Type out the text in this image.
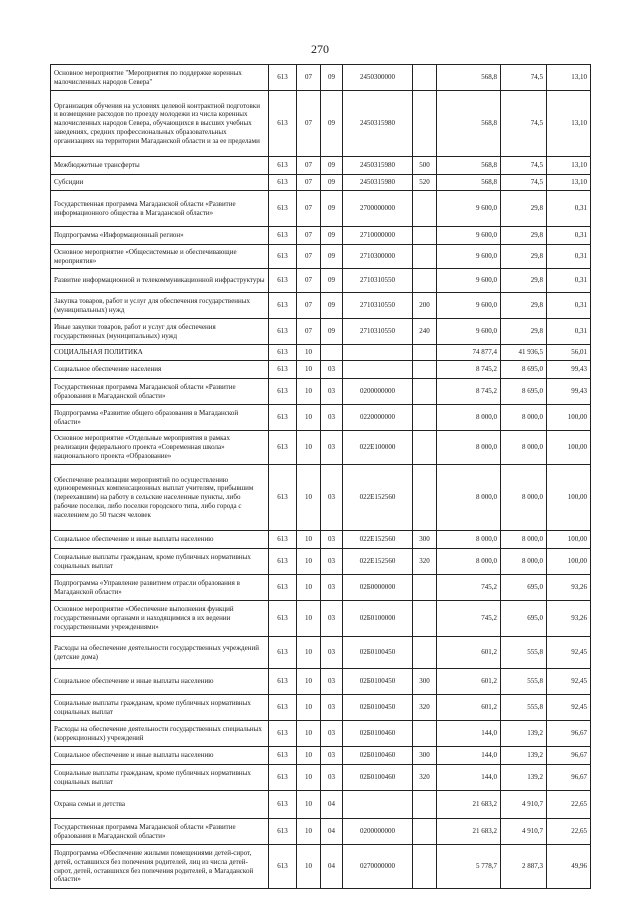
270
Основное мероприятие "Мероприятия по поддержке коренных малочисленных народов Севера"	613	07	09	2450300000		568,8	74,5	13,10
Организация обучения на условиях целевой контрактной подготовки и возмещение расходов по проезду молодежи из числа коренных малочисленных народов Севера, обучающихся в высших учебных заведениях, средних профессиональных образовательных организациях на территории Магаданской области и за ее пределами	613	07	09	2450315980		568,8	74,5	13,10
Межбюджетные трансферты	613	07	09	2450315980	500	568,8	74,5	13,10
Субсидии	613	07	09	2450315980	520	568,8	74,5	13,10
Государственная программа Магаданской области «Развитие информационного общества в Магаданской области»	613	07	09	2700000000		9 600,0	29,8	0,31
Подпрограмма «Информационный регион»	613	07	09	2710000000		9 600,0	29,8	0,31
Основное мероприятие «Общесистемные и обеспечивающие мероприятия»	613	07	09	2710300000		9 600,0	29,8	0,31
Развитие информационной и телекоммуникационной инфраструктуры	613	07	09	2710310550		9 600,0	29,8	0,31
Закупка товаров, работ и услуг для обеспечения государственных (муниципальных) нужд	613	07	09	2710310550	200	9 600,0	29,8	0,31
Иные закупки товаров, работ и услуг для обеспечения государственных (муниципальных) нужд	613	07	09	2710310550	240	9 600,0	29,8	0,31
СОЦИАЛЬНАЯ ПОЛИТИКА	613	10				74 877,4	41 936,5	56,01
Социальное обеспечение населения	613	10	03			8 745,2	8 695,0	99,43
Государственная программа Магаданской области «Развитие образования в Магаданской области»	613	10	03	0200000000		8 745,2	8 695,0	99,43
Подпрограмма «Развитие общего образования в Магаданской области»	613	10	03	0220000000		8 000,0	8 000,0	100,00
Основное мероприятие «Отдельные мероприятия в рамках реализации федерального проекта «Современная школа» национального проекта «Образование»	613	10	03	022E100000		8 000,0	8 000,0	100,00
Обеспечение реализации мероприятий по осуществлению единовременных компенсационных выплат учителям, прибывшим (переехавшим) на работу в сельские населенные пункты, либо рабочие поселки, либо поселки городского типа, либо города с населением до 50 тысяч человек	613	10	03	022E152560		8 000,0	8 000,0	100,00
Социальное обеспечение и иные выплаты населению	613	10	03	022E152560	300	8 000,0	8 000,0	100,00
Социальные выплаты гражданам, кроме публичных нормативных социальных выплат	613	10	03	022E152560	320	8 000,0	8 000,0	100,00
Подпрограмма «Управление развитием отрасли образования в Магаданской области»	613	10	03	02Б0000000		745,2	695,0	93,26
Основное мероприятие «Обеспечение выполнения функций государственными органами и находящимися в их ведении государственными учреждениями»	613	10	03	02Б0100000		745,2	695,0	93,26
Расходы на обеспечение деятельности государственных учреждений (детские дома)	613	10	03	02Б0100450		601,2	555,8	92,45
Социальное обеспечение и иные выплаты населению	613	10	03	02Б0100450	300	601,2	555,8	92,45
Социальные выплаты гражданам, кроме публичных нормативных социальных выплат	613	10	03	02Б0100450	320	601,2	555,8	92,45
Расходы на обеспечение деятельности государственных специальных (коррекционных) учреждений	613	10	03	02Б0100460		144,0	139,2	96,67
Социальное обеспечение и иные выплаты населению	613	10	03	02Б0100460	300	144,0	139,2	96,67
Социальные выплаты гражданам, кроме публичных нормативных социальных выплат	613	10	03	02Б0100460	320	144,0	139,2	96,67
Охрана семьи и детства	613	10	04			21 683,2	4 910,7	22,65
Государственная программа Магаданской области «Развитие образования в Магаданской области»	613	10	04	0200000000		21 683,2	4 910,7	22,65
Подпрограмма «Обеспечение жилыми помещениями детей-сирот, детей, оставшихся без попечения родителей, лиц из числа детей-сирот, детей, оставшихся без попечения родителей, в Магаданской области»	613	10	04	0270000000		5 778,7	2 887,3	49,96
